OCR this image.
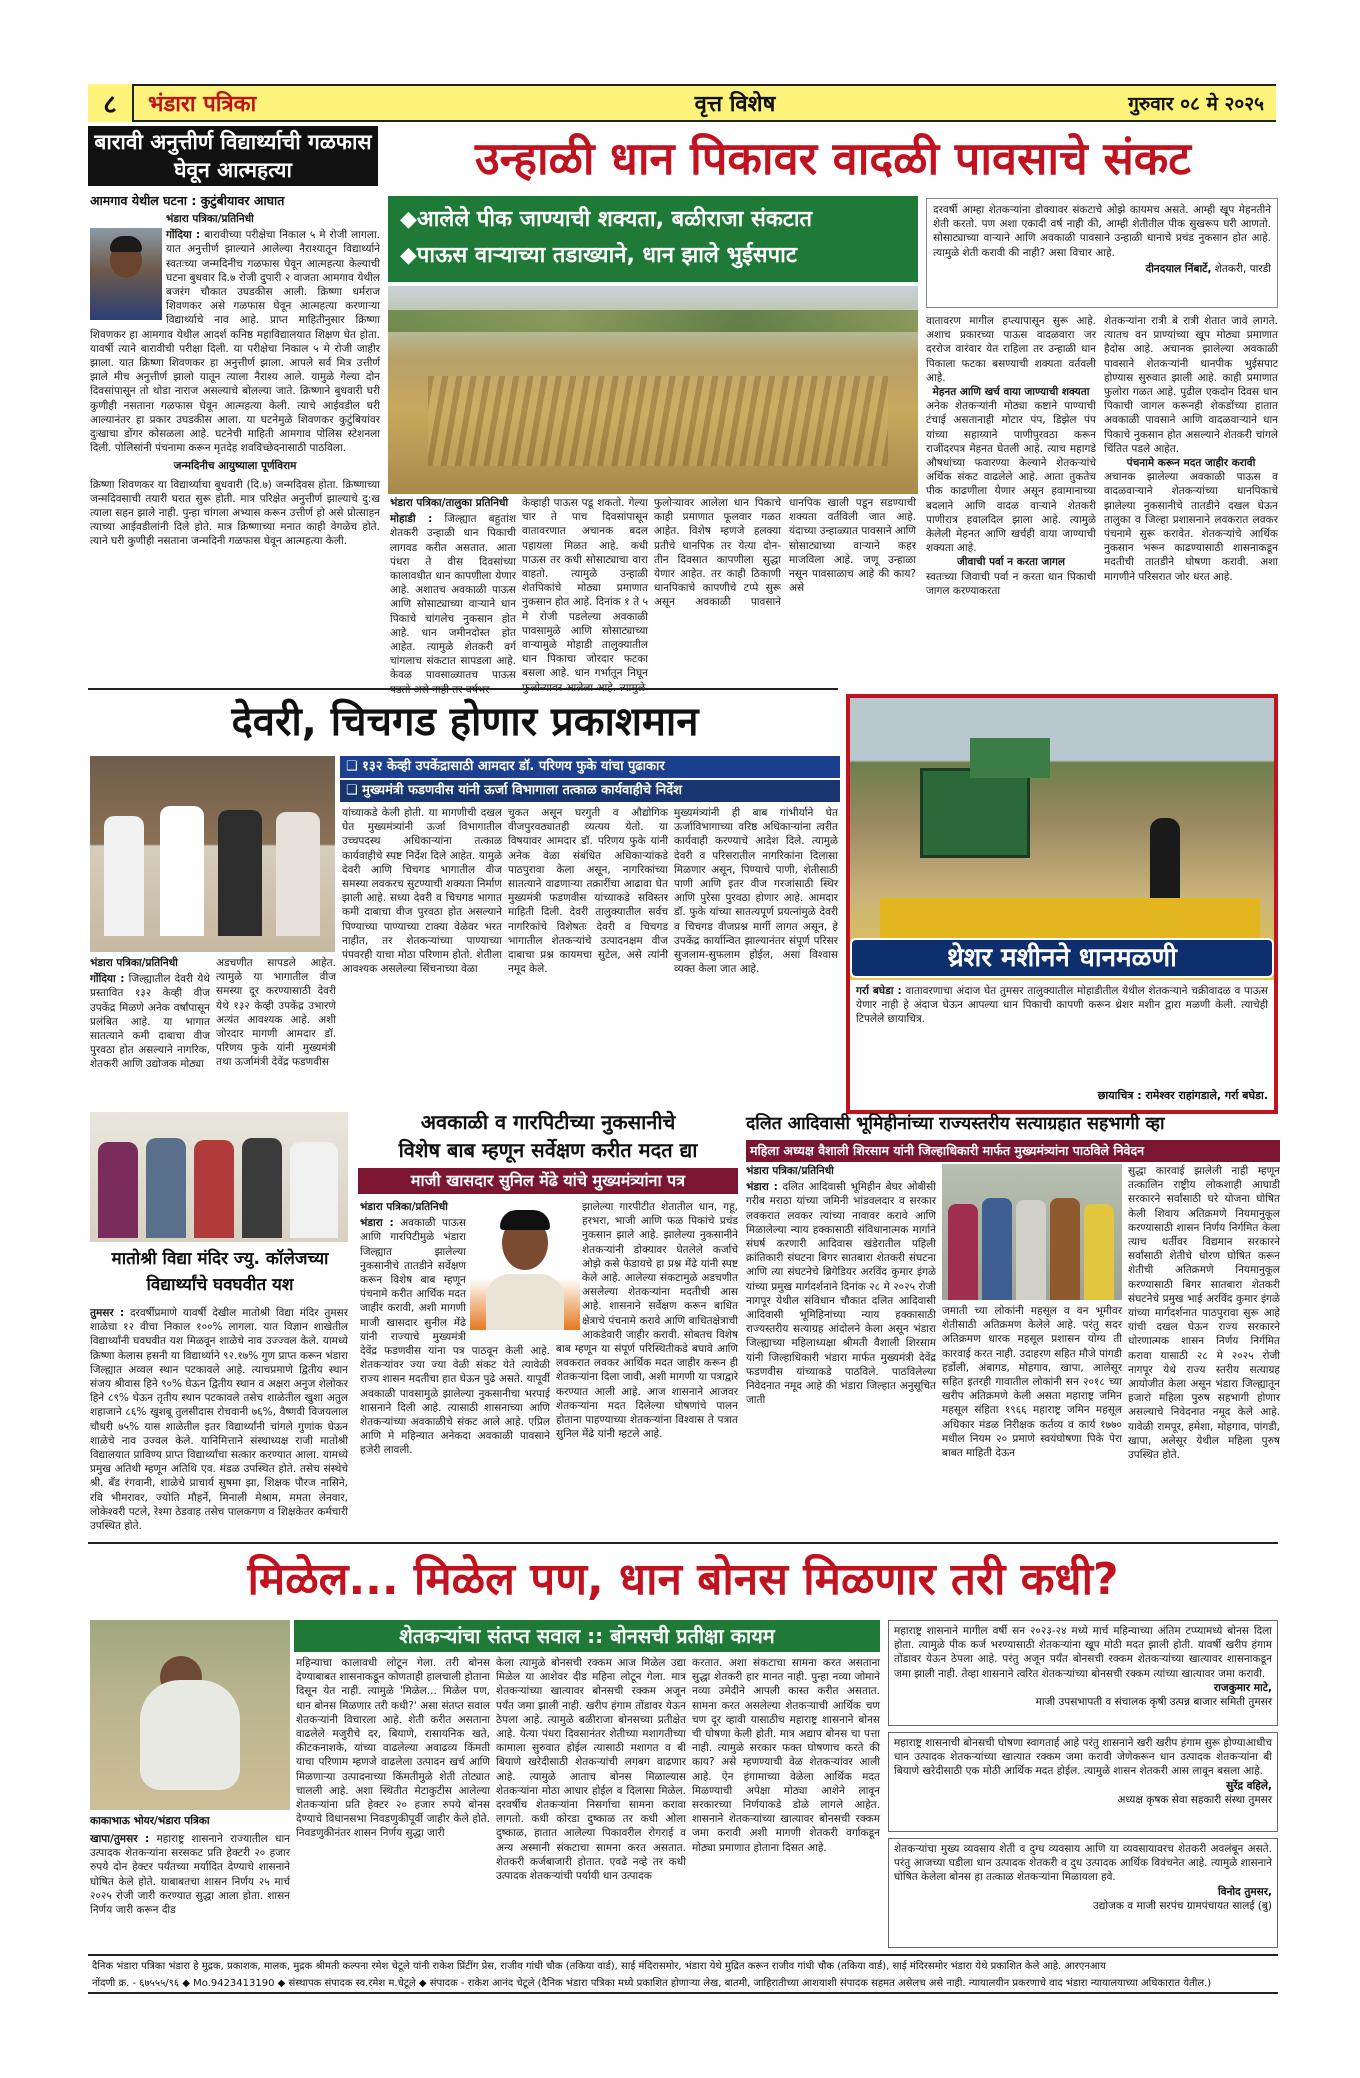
८	भंडारा पत्रिका	वृत्त विशेष	गुरुवार ०८ मे २०२५
बारावी अनुत्तीर्ण विद्यार्थ्याची गळफास घेवून आत्महत्या
आमगाव येथील घटना : कुटुंबीयावर आघात
भंडारा पत्रिका/प्रतिनिधी
गोंदिया : बारावीच्या परीक्षेचा निकाल ५ मे रोजी लागला. यात अनुत्तीर्ण झाल्याने आलेल्या नैराश्यातून विद्यार्थ्याने स्वतःच्या जन्मदिनीच गळफास घेवून आत्महत्या केल्याची घटना बुधवार दि.७ रोजी दुपारी २ वाजता आमगाव येथील बजरंग चौकात उघडकीस आली. क्रिष्णा धर्मराज शिवणकर असे गळफास घेवून आत्महत्या करणाऱ्या विद्यार्थ्याचे नाव आहे. प्राप्त माहितीनुसार क्रिष्णा शिवणकर हा आमगाव येथील आदर्श कनिष्ठ महाविद्यालयात शिक्षण घेत होता. यावर्षी त्याने बारावीची परीक्षा दिली. या परीक्षेचा निकाल ५ मे रोजी जाहीर झाला. यात क्रिष्णा शिवणकर हा अनुत्तीर्ण झाला. आपले सर्व मित्र उत्तीर्ण झाले मीच अनुत्तीर्ण झालो यातून त्याला नैराश्य आले. यामुळे गेल्या दोन दिवसांपासून तो थोडा नाराज असल्याचे बोलल्या जाते. क्रिष्णाने बुधवारी घरी कुणीही नसताना गळफास घेवून आत्महत्या केली. त्याचे आईवडील घरी आल्यानंतर हा प्रकार उघडकीस आला. या घटनेमुळे शिवणकर कुटुंबियांवर दुःखाचा डोंगर कोसळला आहे. घटनेची माहिती आमगाव पोलिस स्टेशनला दिली. पोलिसांनी पंचनामा करून मृतदेह शवविच्छेदनासाठी पाठविला.
जन्मदिनीच आयुष्याला पूर्णविराम
क्रिष्णा शिवणकर या विद्यार्थ्याचा बुधवारी (दि.७) जन्मदिवस होता. क्रिष्णाच्या जन्मदिवसाची तयारी घरात सुरू होती. मात्र परिक्षेत अनुत्तीर्ण झाल्याचे दु:ख त्याला सहन झाले नाही. पुन्हा चांगला अभ्यास करून उत्तीर्ण हो असे प्रोत्साहन त्याच्या आईवडीलांनी दिले होते. मात्र क्रिष्णाच्या मनात काही वेगळेच होते. त्याने घरी कुणीही नसताना जन्मदिनी गळफास घेवून आत्महत्या केली.
उन्हाळी धान पिकावर वादळी पावसाचे संकट
◆आलेले पीक जाण्याची शक्यता, बळीराजा संकटात
◆पाऊस वाऱ्याच्या तडाख्याने, धान झाले भुईसपाट
दरवर्षी आम्हा शेतकऱ्यांना डोक्यावर संकटाचे ओझे कायमच असते. आम्ही खूप मेहनतीने शेती करतो. पण अशा एकादी वर्ष नाही की, आम्ही शेतीतील पीक सुखरूप घरी आणतो. सोसाट्याच्या वाऱ्याने आणि अवकाळी पावसाने उन्हाळी धानाचे प्रचंड नुकसान होत आहे. त्यामुळे शेती करावी की नाही? असा विचार आहे.
दीनदयाल निंबार्टे, शेतकरी, पारडी
भंडारा पत्रिका/तालुका प्रतिनिधी
मोहाडी : जिल्ह्यात बहुतांश शेतकरी उन्हाळी धान पिकाची लागवड करीत असतात. आता पंधरा ते वीस दिवसांच्या कालावधीत धान कापणीला येणार आहे. अशातच अवकाळी पाऊस आणि सोसाट्याच्या वाऱ्याने धान पिकाचे चांगलेच नुकसान होत आहे. धान जमीनदोस्त होत आहेत. त्यामुळे शेतकरी वर्ग चांगलाच संकटात सापडला आहे. केवळ पावसाळ्यातच पाऊस
केव्हाही पाऊस पडू शकतो. गेल्या चार ते पाच दिवसांपासून वातावरणात अचानक बदल पहायला मिळत आहे. कधी पाऊस तर कधी सोसाट्याचा वारा वाहतो. त्यामुळे उन्हाळी शेतपिकांचे मोठ्या प्रमाणात नुकसान होत आहे. दिनांक १ ते ५ मे रोजी पडलेल्या अवकाळी पावसामुळे आणि सोसाट्याच्या वाऱ्यामुळे मोहाडी तालुक्यातील धान पिकाचा जोरदार फटका बसला आहे. धान गर्भातून निघून
फुलोऱ्यावर आलेला धान पिकाचे काही प्रमाणात फूलवार गळत आहेत. विशेष म्हणजे हलक्या प्रतीचे धानपिक तर येत्या दोन-तीन दिवसात कापणीला सुद्धा येणार आहेत. तर काही ठिकाणी धानपिकाचे कापणीचे टप्पे सुरू असून अवकाळी पावसाने धानपिक खाली पडून सडण्याची शक्यता वर्तविली जात आहे. यंदाच्या उन्हाळ्यात पावसाने आणि सोसाट्याच्या वाऱ्याने कहर माजविला आहे. जणू उन्हाळा नसून पावसाळाच आहे की काय? असे
वातावरण मागील हप्त्यापासून सुरू आहे. अशाच प्रकारच्या पाऊस वादळवारा जर दररोज वारंवार येत राहिला तर उन्हाळी धान पिकाला फटका बसण्याची शक्यता वर्तवली आहे.
मेहनत आणि खर्च वाया जाण्याची शक्यता
अनेक शेतकऱ्यांनी मोठ्या कष्टाने पाण्याची टंचाई असतानाही मोटार पंप, डिझेल पंप यांच्या सहाय्याने पाणीपुरवठा करून राजींदरपत्र मेहनत घेतली आहे. त्याच महागडे औषधांच्या फवारण्या केल्याने शेतकऱ्यांचे अर्थिक संकट वाढलेले आहे. आता तुकतेच पीक काढणीला येणार असून हवामानाच्या बदलाने आणि वादळ वाऱ्याने शेतकरी पाणीरात्र हवालदिल झाला आहे. त्यामुळे केलेली मेहनत आणि खर्चही वाया जाण्याची शक्यता आहे.
जीवाची पर्वा न करता जागल
स्वतःच्या जिवाची पर्वा न करता धान पिकाची जागल करण्याकरता
शेतकऱ्यांना रात्री बे रात्री शेतात जावे लागते. त्यातच वन प्राण्यांच्या खूप मोठ्या प्रमाणात हैदोस आहे. अचानक झालेल्या अवकाळी पावसाने शेतकऱ्यांनी धानपीक भुईसपाट होण्यास सुरुवात झाली आहे. काही प्रमाणात फुलोरा गळत आहे. पुढील एकदोन दिवस धान पिकाची जागल करूनही शेकडोंच्या हातात अवकाळी पावसाने आणि वादळवाऱ्याने धान पिकाचे नुकसान होत असल्याने शेतकरी चांगले चिंतित पडले आहेत.
पंचनामे करून मदत जाहीर करावी
अचानक झालेल्या अवकाळी पाऊस व वादळवाऱ्याने शेतकऱ्यांच्या धानपिकाचे झालेल्या नुकसानीचे तातडीने दखल घेऊन तालुका व जिल्हा प्रशासनाने लवकरात लवकर पंचनामे सुरू करावेत. शेतकऱ्यांचे आर्थिक नुकसान भरून काढण्यासाठी शासनाकडून मदतीची तातडीने घोषणा करावी. अशा मागणीने परिसरात जोर धरत आहे.
देवरी, चिचगड होणार प्रकाशमान
❑ १३२ केव्ही उपकेंद्रासाठी आमदार डॉ. परिणय फुके यांचा पुढाकार
❑ मुख्यमंत्री फडणवीस यांनी ऊर्जा विभागाला तत्काळ कार्यवाहीचे निर्देश
भंडारा पत्रिका/प्रतिनिधी
गोंदिया : जिल्ह्यातील देवरी येथे प्रस्तावित १३२ केव्ही वीज उपकेंद्र मिळणे अनेक वर्षांपासून प्रलंबित आहे. या भागात सातत्याने कमी दाबाचा वीज पुरवठा होत असल्याने नागरिक, शेतकरी आणि उद्योजक मोठ्या
अडचणीत सापडले आहेत. त्यामुळे या भागातील वीज समस्या दूर करण्यासाठी देवरी येथे १३२ केव्ही उपकेंद्र उभारणे अत्यंत आवश्यक आहे. अशी जोरदार मागणी आमदार डॉ. परिणय फुके यांनी मुख्यमंत्री तथा ऊर्जामंत्री देवेंद्र फडणवीस
यांच्याकडे केली होती. या मागणीची दखल घेत मुख्यमंत्र्यांनी ऊर्जा विभागातील उच्चपदस्थ अधिकाऱ्यांना तत्काळ कार्यवाहीचे स्पष्ट निर्देश दिले आहेत. यामुळे देवरी आणि चिचगड भागातील वीज समस्या लवकरच सुटण्याची शक्यता निर्माण झाली आहे. सध्या देवरी व चिचगड भागात कमी दाबाचा वीज पुरवठा होत असल्याने पिण्याच्या पाण्याच्या टाक्या वेळेवर भरत नाहीत, तर शेतकऱ्यांच्या पाण्याच्या पंपवरही याचा मोठा परिणाम होतो. शेतीला आवश्यक असलेल्या सिंचनाच्या वेळा
चुकत असून घरगुती व औद्योगिक वीजपुरवठ्यातही व्यत्यय येतो. या विषयावर आमदार डॉ. परिणय फुके यांनी अनेक वेळा संबंधित अधिकाऱ्यांकडे पाठपुरावा केला असून, नागरिकांच्या सातत्याने वाढणाऱ्या तक्रारींचा आढावा घेत मुख्यमंत्री फडणवीस यांच्याकडे सविस्तर माहिती दिली. देवरी तालुक्यातील सर्वच नागरिकांचे विशेषतः देवरी व चिचगड भागातील शेतकऱ्यांचे उत्पादनक्षम वीज दाबाचा प्रश्न कायमचा सुटेल, असे त्यांनी नमूद केले.
मुख्यमंत्र्यांनी ही बाब गांभीर्याने घेत ऊर्जाविभागाच्या वरिष्ठ अधिकाऱ्यांना त्वरीत कार्यवाही करण्याचे आदेश दिले. त्यामुळे देवरी व परिसरातील नागरिकांना दिलासा मिळणार असून, पिण्याचे पाणी, शेतीसाठी पाणी आणि इतर वीज गरजांसाठी स्थिर आणि पुरेसा पुरवठा होणार आहे. आमदार डॉ. फुके यांच्या सातत्यपूर्ण प्रयत्नांमुळे देवरी व चिचगड वीजप्रश्न मार्गी लागत असून, हे उपकेंद्र कार्यान्वित झाल्यानंतर संपूर्ण परिसर सुजलाम-सुफलाम होईल, असा विश्वास व्यक्त केला जात आहे.	थ्रेशर मशीनने धानमळणी
गर्रा बघेडा : वातावरणाचा अंदाज घेत तुमसर तालुक्यातील मोहाडीतील येथील शेतकऱ्याने चक्रीवादळ व पाऊस येणार नाही हे अंदाज घेऊन आपल्या धान पिकाची कापणी करून थ्रेशर मशीन द्वारा मळणी केली. त्याचेही टिपलेले छायाचित्र.
छायाचित्र : रामेश्वर राहांगडाले, गर्रा बघेडा.
अवकाळी व गारपिटीच्या नुकसानीचे
विशेष बाब म्हणून सर्वेक्षण करीत मदत द्या
माजी खासदार सुनिल मेंढे यांचे मुख्यमंत्र्यांना पत्र
भंडारा पत्रिका/प्रतिनिधी
भंडारा : अवकाळी पाऊस आणि गारपिटीमुळे भंडारा जिल्ह्यात झालेल्या नुकसानीचे तातडीने सर्वेक्षण करून विशेष बाब म्हणून पंचनामे करीत आर्थिक मदत जाहीर करावी, अशी मागणी माजी खासदार सुनील मेंढे यांनी राज्याचे मुख्यमंत्री देवेंद्र फडणवीस यांना पत्र पाठवून केली आहे. शेतकऱ्यांवर ज्या ज्या वेळी संकट येते त्यावेळी राज्य शासन मदतीचा हात घेऊन पुढे असते. यापूर्वी अवकाळी पावसामुळे झालेल्या नुकसानीचा भरपाई शासनाने दिली आहे. त्यासाठी शासनाच्या आणि शेतकऱ्यांच्या अवकाळीचे संकट आले आहे. एप्रिल आणि मे महिन्यात अनेकदा अवकाळी पावसाने हजेरी लावली.
झालेल्या गारपीटीत शेतातील धान, गहू, हरभरा, भाजी आणि फळ पिकांचे प्रचंड नुकसान झाले आहे. झालेल्या नुकसानीने शेतकऱ्यांनी डोक्यावर घेतलेले कर्जाचे ओझे कसे फेडायचे हा प्रश्न मेंढे यांनी स्पष्ट केले आहे. आलेल्या संकटामुळे अडचणीत असलेल्या शेतकऱ्यांना मदतीची आस आहे. शासनाने सर्वेक्षण करून बाधित क्षेत्राचे पंचनामे करावे आणि बाधितक्षेत्राची आकडेवारी जाहीर करावी. सोबतच विशेष बाब म्हणून या संपूर्ण परिस्थितीकडे बघावे आणि लवकरात लवकर आर्थिक मदत जाहीर करून ही शेतकऱ्यांना दिला जावी, अशी मागणी या पत्राद्वारे करण्यात आली आहे. आज शासनाने आजवर शेतकऱ्यांना मदत दिलेल्या घोषणांचे पालन होताना पाहण्याच्या शेतकऱ्यांना विश्वास ते पत्रात सुनिल मेंढे यांनी म्हटले आहे.
मातोश्री विद्या मंदिर ज्यु. कॉलेजच्या विद्यार्थ्यांचे घवघवीत यश
तुमसर : दरवर्षीप्रमाणे यावर्षी देखील मातोश्री विद्या मंदिर तुमसर शाळेचा १२ वीचा निकाल १००% लागला. यात विज्ञान शाखेतील विद्यार्थ्यांनी घवघवीत यश मिळवून शाळेचे नाव उज्ज्वल केले. यामध्ये क्रिष्णा केलास हसनी या विद्यार्थ्याने ९२.१७% गुण प्राप्त करून भंडारा जिल्ह्यात अव्वल स्थान पटकावले आहे. त्याचप्रमाणे द्वितीय स्थान संजय श्रीवास हिने ९०% घेऊन द्वितीय स्थान व अक्षरा अनुज शेलोकर हिने ८९% घेऊन तृतीय स्थान पटकावले तसेच शाळेतील खुशा अतुल शहाजाने ८६% खुशबू तुलसीदास रोचवानी ७६%, वैष्णवी विजयलाल चौधरी ७५% यास शाळेतील इतर विद्यार्थ्यांनी चांगले गुणांक घेऊन शाळेचे नाव उज्वल केले. यानिमित्ताने संस्थाध्यक्ष राजी मातोश्री विद्यालयात प्राविण्य प्राप्त विद्यार्थ्यांचा सत्कार करण्यात आला. यामध्ये प्रमुख अतिथी म्हणून अतिथि एव. मंडळ उपस्थित होते. तसेच संस्थेचे श्री. बँड रंगवानी, शाळेचे प्राचार्य सुषमा झा, शिक्षक पौरज नासिने, रवि भीमरावर, ज्योति मौहर्ने, मिनाली मेश्राम, ममता लेनवार, लोकेश्वरी पटले, रेश्मा ठेडवाह तसेच पालकगण व शिक्षकेतर कर्मचारी उपस्थित होते.
दलित आदिवासी भूमिहीनांच्या राज्यस्तरीय सत्याग्रहात सहभागी व्हा
महिला अध्यक्ष वैशाली शिरसाम यांनी जिल्हाधिकारी मार्फत मुख्यमंत्र्यांना पाठविले निवेदन
भंडारा पत्रिका/प्रतिनिधी
भंडारा : दलित आदिवासी भूमिहीन बेघर ओबीसी गरीब मराठा यांच्या जमिनी भांडवलदार व सरकार लवकरात लवकर त्यांच्या नावावर करावे आणि मिळालेल्या न्याय हक्कासाठी संविधानात्मक मार्गाने संघर्ष करणारी आदिवास खंडेरातील पहिली क्रांतिकारी संघटना बिगर सातबारा शेतकरी संघटना आणि त्या संघटनेचे ब्रिगेडियर अरविंद कुमार इंगळे यांच्या प्रमुख मार्गदर्शनाने दिनांक २८ मे २०२५ रोजी नागपूर येथील संविधान चौकात दलित आदिवासी आदिवासी भूमिहिनांच्या न्याय हक्कासाठी राज्यस्तरीय सत्याग्रह आंदोलने केला असून भंडारा जिल्ह्याच्या महिलाध्यक्षा श्रीमती वैशाली शिरसाम यांनी जिल्हाधिकारी भंडारा मार्फत मुख्यमंत्री देवेंद्र फडणवीस यांच्याकडे पाठविले. पाठविलेल्या निवेदनात नमूद आहे की भंडारा जिल्हात अनुसूचित जाती
जमाती च्या लोकांनी महसूल व वन भूमीवर शेतीसाठी अतिक्रमण केलेले आहे. परंतु सदर अतिक्रमण धारक महसूल प्रशासन योग्य ती कारवाई करत नाही. उदाहरण सहित मौजे पांगडी हर्डोली, अंबागड, मोहगाव, खापा, आलेसूर सहित इतरही गावातील लोकांनी सन २०१८ च्या खरीप अतिक्रमणे केली असता महाराष्ट्र जमिन महसूल संहिता १९६६ महाराष्ट्र जमिन महसूल अधिकार मंडळ निरीक्षक कर्तव्य व कार्य १७७० मधील नियम २० प्रमाणे स्वयंघोषणा पिके पेरा बाबत माहिती देऊन
सुद्धा कारवाई झालेली नाही म्हणून तत्कालिन राष्ट्रीय लोकशाही आघाडी सरकारने सर्वांसाठी घरे योजना घोषित केली शिवाय अतिक्रमणे नियमानुकूल करण्यासाठी शासन निर्णय निर्गमित केला त्याच धर्तीवर विद्यमान सरकारने सर्वांसाठी शेतीचे धोरण घोषित करून शेतीची अतिक्रमणे नियमानुकूल करण्यासाठी बिगर सातबारा शेतकरी संघटनेचे प्रमुख भाई अरविंद कुमार इंगळे यांच्या मार्गदर्शनात पाठपुरावा सुरू आहे यांची दखल घेऊन राज्य सरकारने धोरणात्मक शासन निर्णय निर्गमित करावा यासाठी २८ मे २०२५ रोजी नागपूर येथे राज्य स्तरीय सत्याग्रह आयोजीत केला असून भंडारा जिल्ह्यातून हजारो महिला पुरुष सहभागी होणार असल्याचे निवेदनात नमूद केले आहे. यावेळी रामपूर, हमेशा, मोहगाव, पांगडी, खापा, अलेसूर येथील महिला पुरुष उपस्थित होते.
मिळेल... मिळेल पण, धान बोनस मिळणार तरी कधी?
काकाभाऊ भोयर/भंडारा पत्रिका
शेतकऱ्यांचा संतप्त सवाल :: बोनसची प्रतीक्षा कायम
खापा/तुमसर : महाराष्ट्र शासनाने राज्यातील धान उत्पादक शेतकऱ्यांना सरसकट प्रति हेक्टरी २० हजार रुपये दोन हेक्टर पर्यंतच्या मर्यादित देण्याचे शासनाने घोषित केले होते. याबाबतचा शासन निर्णय २५ मार्च २०२५ रोजी जारी करण्यात सुद्धा आला होता. शासन निर्णय जारी करून दीड
महिन्याचा कालावधी लोटून गेला. तरी बोनस देण्याबाबत शासनाकडून कोणताही हालचाली होताना दिसून येत नाही. त्यामुळे 'मिळेल... मिळेल पण, धान बोनस मिळणार तरी कधी?' असा संतप्त सवाल शेतकऱ्यांनी विचारला आहे. शेती करीत असताना वाढलेले मजुरीचे दर, बियाणे, रासायनिक खते, कीटकनाशके, यांच्या वाढलेल्या अवाढव्य किंमती याचा परिणाम म्हणजे वाढलेला उत्पादन खर्च आणि मिळणाऱ्या उत्पादनाच्या किंमतीमुळे शेती तोट्यात चालली आहे. अशा स्थितीत मेटाकुटीस आलेल्या शेतकऱ्यांना प्रति हेक्टर २० हजार रुपये बोनस देण्याचे विधानसभा निवडणुकीपूर्वी जाहीर केले होते. निवडणुकीनंतर शासन निर्णय सुद्धा जारी
केला त्यामुळे बोनसची रक्कम आज मिळेल उद्या मिळेल या आशेवर दीड महिना लोटून गेला. मात्र शेतकऱ्यांच्या खात्यावर बोनसची रक्कम अजून पर्यंत जमा झाली नाही. खरीप हंगाम तोंडावर येऊन ठेपला आहे. त्यामुळे बळीराजा बोनसच्या प्रतीक्षेत आहे. येत्या पंधरा दिवसानंतर शेतीच्या मशागतीच्या कामाला सुरुवात होईल त्यासाठी मशागत व बी बियाणे खरेदीसाठी शेतकऱ्यांची लगबग वाढणार आहे. त्यामुळे आताच बोनस मिळाल्यास शेतकऱ्यांना मोठा आधार होईल व दिलासा मिळेल. दरवर्षीच शेतकऱ्यांना निसर्गाचा सामना करावा लागतो. कधी कोरडा दुष्काळ तर कधी ओला दुष्काळ, हातात आलेल्या पिकावरील रोगराई व अन्य अस्मानी संकटाचा सामना करत असतात. शेतकरी कर्जबाजारी होतात. एवढे नव्हे तर कधी उत्पादक शेतकऱ्यांची पर्यायी धान उत्पादक
करतात. अशा संकटाचा सामना करत असताना सुद्धा शेतकरी हार मानत नाही. पुन्हा नव्या जोमाने नव्या उमेदीने आपली कास्त करीत असतात. सामना करत असलेल्या शेतकऱ्याची आर्थिक चण चण दूर व्हावी यासाठीच महाराष्ट्र शासनाने बोनस ची घोषणा केली होती. मात्र अद्याप बोनस चा पत्ता नाही. त्यामुळे सरकार फक्त घोषणाच करते की काय? असे म्हणण्याची वेळ शेतकऱ्यांवर आली आहे. ऐन हंगामाच्या वेळेला आर्थिक मदत मिळण्याची अपेक्षा मोठ्या आशेने लावून सरकारच्या निर्णयाकडे डोळे लागले आहेत. शासनाने शेतकऱ्यांच्या खात्यावर बोनसची रक्कम जमा करावी अशी मागणी शेतकरी वर्गाकडून मोठ्या प्रमाणात होताना दिसत आहे.
महाराष्ट्र शासनाने मागील वर्षी सन २०२३-२४ मध्ये मार्च महिन्याच्या अंतिम टप्प्यामध्ये बोनस दिला होता. त्यामुळे पीक कर्ज भरण्यासाठी शेतकऱ्यांना खूप मोठी मदत झाली होती. यावर्षी खरीप हंगाम तोंडावर येऊन ठेपला आहे. परंतु अजून पर्यंत बोनसची रक्कम शेतकऱ्यांच्या खात्यावर शासनाकडून जमा झाली नाही. तेव्हा शासनाने त्वरित शेतकऱ्यांच्या बोनसची रक्कम त्यांच्या खात्यावर जमा करावी.
राजकुमार माटे,
माजी उपसभापती व संचालक कृषी उत्पन्न बाजार समिती तुमसर
महाराष्ट्र शासनाची बोनसची घोषणा स्वागतार्ह आहे परंतु शासनाने खरी खरीप हंगाम सुरू होण्याआधीच धान उत्पादक शेतकऱ्यांच्या खात्यात रक्कम जमा करावी जेणेकरून धान उत्पादक शेतकऱ्यांना बी बियाणे खरेदीसाठी एक मोठी आर्थिक मदत होईल. त्यामुळे शासन शेतकरी आस लावून बसला आहे.
सुरेंद्र वहिले,
अध्यक्ष कृषक सेवा सहकारी संस्था तुमसर
शेतकऱ्यांचा मुख्य व्यवसाय शेती व दुग्ध व्यवसाय आणि या व्यवसायावरच शेतकरी अवलंबून असते. परंतु आजच्या घडीला धान उत्पादक शेतकरी व दुध उत्पादक आर्थिक विवंचनेत आहे. त्यामुळे शासनाने घोषित केलेला बोनस हा तत्काळ शेतकऱ्यांना मिळायला हवे.
विनोद तुमसर,
उद्योजक व माजी सरपंच ग्रामपंचायत सालई (बु)
दैनिक भंडारा पत्रिका भंडारा हे मुद्रक, प्रकाशक, मालक, मुद्रक श्रीमती कल्पना रमेश चेटूले यांनी राकेश प्रिंटींग प्रेस, राजीव गांधी चौक (तकिया वार्ड), साई मंदिरासमोर, भंडारा येथे मुद्रित करून राजीव गांधी चौक (तकिया वार्ड), साई मंदिरसमोर भंडारा येथे प्रकाशित केले आहे. आरएनआय
नोंदणी क्र. - ६७५५५/९६ ◆ Mo.9423413190 ◆ संस्थापक संपादक स्व.रमेश म.चेटूले ◆ संपादक - राकेश आनंद चेटूले (दैनिक भंडारा पत्रिका मध्ये प्रकाशित होणाऱ्या लेख, बातमी, जाहिरातीच्या आशयाशी संपादक सहमत असेलच असे नाही. न्यायालयीन प्रकरणाचे वाद भंडारा न्यायालयाच्या अधिकारात येतील.)
